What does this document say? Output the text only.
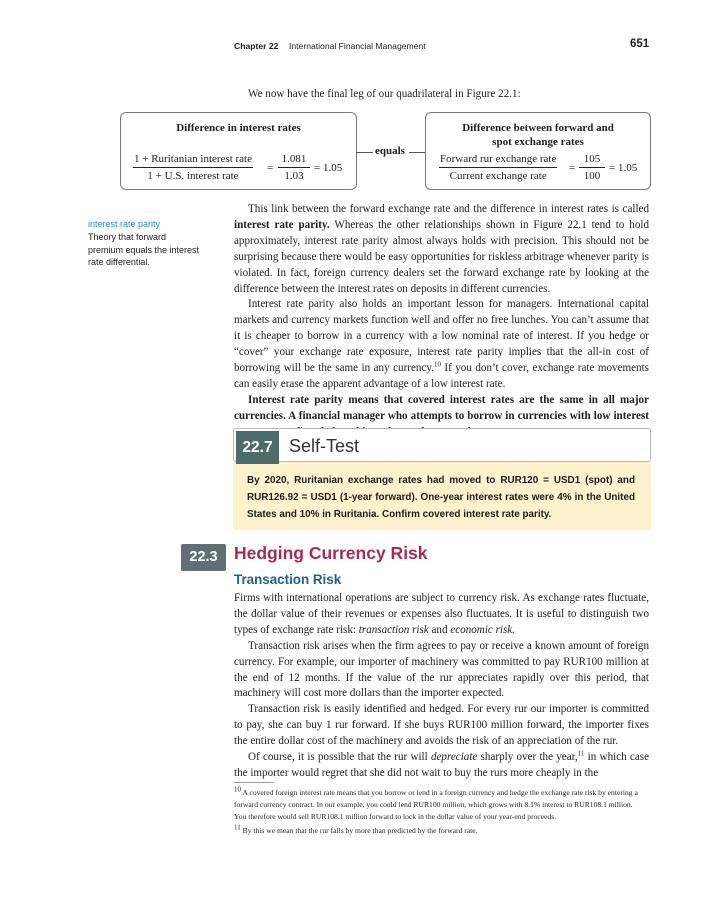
Chapter 22 International Financial Management	651
We now have the final leg of our quadrilateral in Figure 22.1:
Difference in interest rates
1 + Ruritanian interest rate
1 + U.S. interest rate
= $\frac{1.081}{1.03} = 1.05$
equals
Difference between forward and spot exchange rates
Forward rur exchange rate
Current exchange rate
= $\frac{105}{100} = 1.05$
interest rate parity
Theory that forward premium equals the interest rate differential.

This link between the forward exchange rate and the difference in interest rates is called interest rate parity. Whereas the other relationships shown in Figure 22.1 tend to hold approximately, interest rate parity almost always holds with precision. This should not be surprising because there would be easy opportunities for riskless arbitrage whenever parity is violated. In fact, foreign currency dealers set the forward exchange rate by looking at the difference between the interest rates on deposits in different currencies.

Interest rate parity also holds an important lesson for managers. International capital markets and currency markets function well and offer no free lunches. You can’t assume that it is cheaper to borrow in a currency with a low nominal rate of interest. If you hedge or “cover” your exchange rate exposure, interest rate parity implies that the all-in cost of borrowing will be the same in any currency.$^{10}$ If you don’t cover, exchange rate movements can easily erase the apparent advantage of a low interest rate.

Interest rate parity means that covered interest rates are the same in all major currencies. A financial manager who attempts to borrow in currencies with low interest

22.7 Self-Test
By 2020, Ruritanian exchange rates had moved to RUR120 = USD1 (spot) and RUR126.92 = USD1 (1-year forward). One-year interest rates were 4% in the United States and 10% in Ruritania. Confirm covered interest rate parity.
22.3 Hedging Currency Risk
Transaction Risk

Firms with international operations are subject to currency risk. As exchange rates fluctuate, the dollar value of their revenues or expenses also fluctuates. It is useful to distinguish two types of exchange rate risk: transaction risk and economic risk.

Transaction risk arises when the firm agrees to pay or receive a known amount of foreign currency. For example, our importer of machinery was committed to pay RUR100 million at the end of 12 months. If the value of the rur appreciates rapidly over this period, that machinery will cost more dollars than the importer expected.

Transaction risk is easily identified and hedged. For every rur our importer is committed to pay, she can buy 1 rur forward. If she buys RUR100 million forward, the importer fixes the entire dollar cost of the machinery and avoids the risk of an appreciation of the rur.

Of course, it is possible that the rur will depreciate sharply over the year,$^{11}$ in which case the importer would regret that she did not wait to buy the rurs more cheaply in the

$^{10}$ A covered foreign interest rate means that you borrow or lend in a foreign currency and hedge the exchange rate risk by entering a forward currency contract. In our example, you could lend RUR100 million, which grows with 8.1% interest to RUR108.1 million. You therefore would sell RUR108.1 million forward to lock in the dollar value of your year-end proceeds.
$^{11}$ By this we mean that the rur falls by more than predicted by the forward rate.
